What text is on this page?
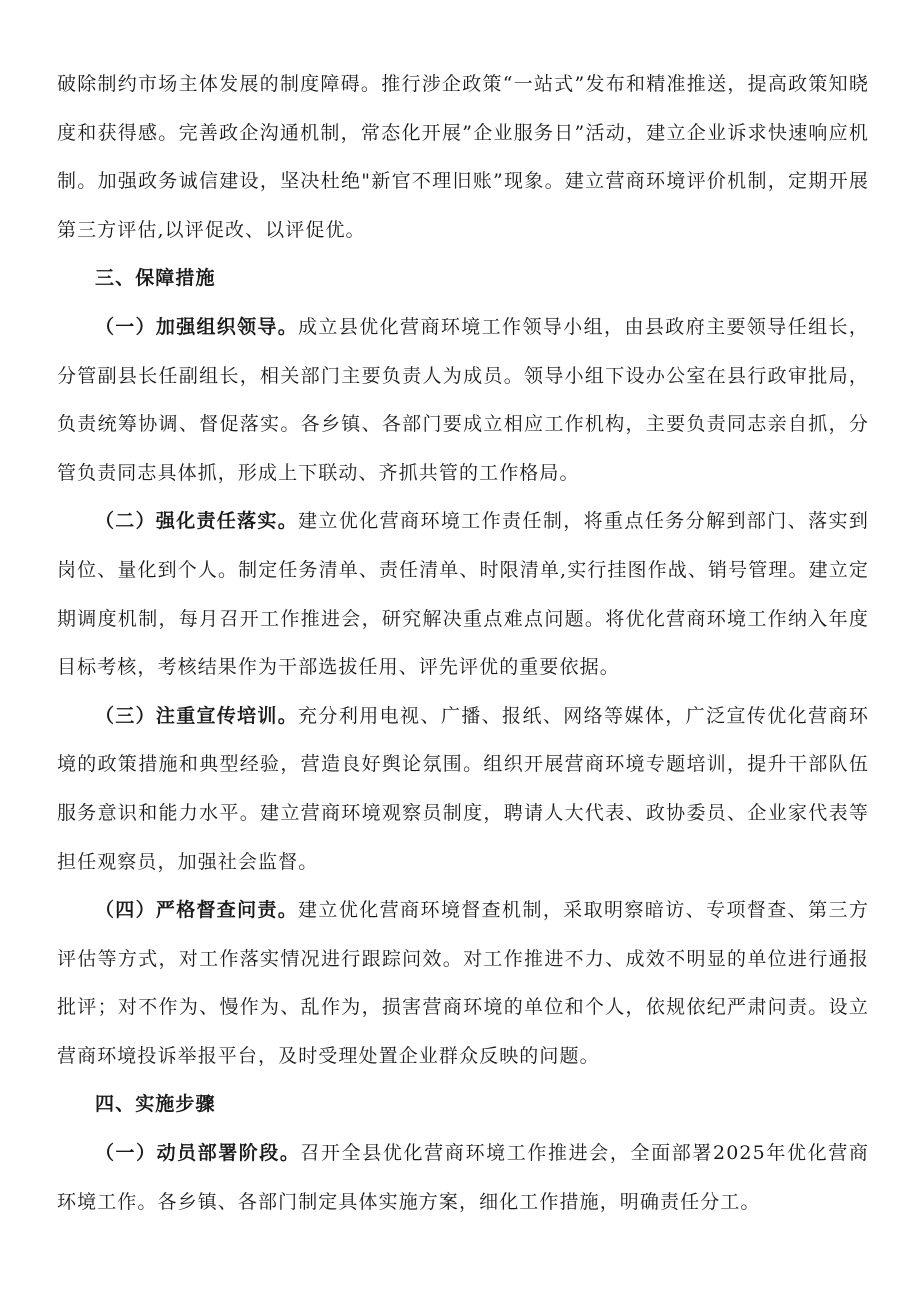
破除制约市场主体发展的制度障碍。推行涉企政策“一站式”发布和精准推送，提高政策知晓度和获得感。完善政企沟通机制，常态化开展”企业服务日”活动，建立企业诉求快速响应机制。加强政务诚信建设，坚决杜绝"新官不理旧账”现象。建立营商环境评价机制，定期开展第三方评估,以评促改、以评促优。

三、保障措施

（一）加强组织领导。成立县优化营商环境工作领导小组，由县政府主要领导任组长，分管副县长任副组长，相关部门主要负责人为成员。领导小组下设办公室在县行政审批局，负责统筹协调、督促落实。各乡镇、各部门要成立相应工作机构，主要负责同志亲自抓，分管负责同志具体抓，形成上下联动、齐抓共管的工作格局。

（二）强化责任落实。建立优化营商环境工作责任制，将重点任务分解到部门、落实到岗位、量化到个人。制定任务清单、责任清单、时限清单,实行挂图作战、销号管理。建立定期调度机制，每月召开工作推进会，研究解决重点难点问题。将优化营商环境工作纳入年度目标考核，考核结果作为干部选拔任用、评先评优的重要依据。

（三）注重宣传培训。充分利用电视、广播、报纸、网络等媒体，广泛宣传优化营商环境的政策措施和典型经验，营造良好舆论氛围。组织开展营商环境专题培训，提升干部队伍服务意识和能力水平。建立营商环境观察员制度，聘请人大代表、政协委员、企业家代表等担任观察员，加强社会监督。

（四）严格督查问责。建立优化营商环境督查机制，采取明察暗访、专项督查、第三方评估等方式，对工作落实情况进行跟踪问效。对工作推进不力、成效不明显的单位进行通报批评；对不作为、慢作为、乱作为，损害营商环境的单位和个人，依规依纪严肃问责。设立营商环境投诉举报平台，及时受理处置企业群众反映的问题。

四、实施步骤

（一）动员部署阶段。召开全县优化营商环境工作推进会，全面部署2025年优化营商环境工作。各乡镇、各部门制定具体实施方案，细化工作措施，明确责任分工。
